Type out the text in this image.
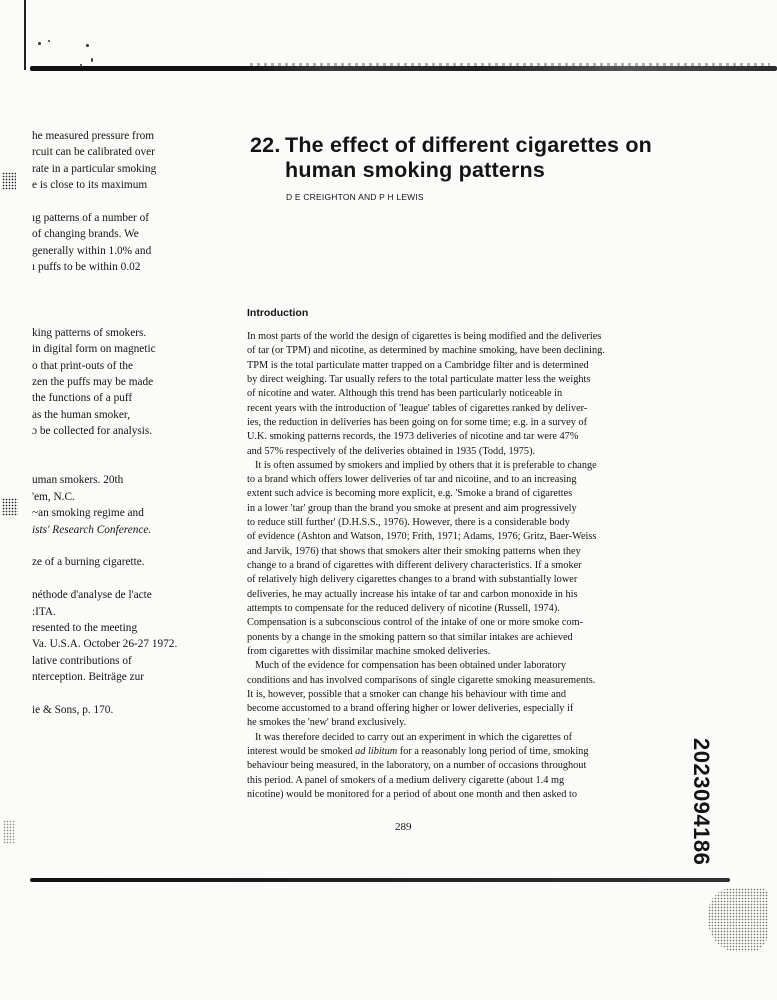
he measured pressure from

rcuit can be calibrated over

rate in a particular smoking

e is close to its maximum

ıg patterns of a number of

of changing brands. We

generally within 1.0% and

ı puffs to be within 0.02

king patterns of smokers.

in digital form on magnetic

o that print-outs of the

zen the puffs may be made

the functions of a puff

as the human smoker,

ɔ be collected for analysis.

uman smokers. 20th

'em, N.C.

~an smoking regime and

ists' Research Conference.

ze of a burning cigarette.

néthode d'analyse de l'acte

:ITA.

resented to the meeting

Va. U.S.A. October 26-27 1972.

lative contributions of

nterception. Beiträge zur

ie & Sons, p. 170.

22. The effect of different cigarettes on
human smoking patterns
D E CREIGHTON AND P H LEWIS
Introduction

In most parts of the world the design of cigarettes is being modified and the deliveries

of tar (or TPM) and nicotine, as determined by machine smoking, have been declining.

TPM is the total particulate matter trapped on a Cambridge filter and is determined

by direct weighing. Tar usually refers to the total particulate matter less the weights

of nicotine and water. Although this trend has been particularly noticeable in

recent years with the introduction of 'league' tables of cigarettes ranked by deliver-

ies, the reduction in deliveries has been going on for some time; e.g. in a survey of

U.K. smoking patterns records, the 1973 deliveries of nicotine and tar were 47%

and 57% respectively of the deliveries obtained in 1935 (Todd, 1975).

It is often assumed by smokers and implied by others that it is preferable to change

to a brand which offers lower deliveries of tar and nicotine, and to an increasing

extent such advice is becoming more explicit, e.g. 'Smoke a brand of cigarettes

in a lower 'tar' group than the brand you smoke at present and aim progressively

to reduce still further' (D.H.S.S., 1976). However, there is a considerable body

of evidence (Ashton and Watson, 1970; Frith, 1971; Adams, 1976; Gritz, Baer-Weiss

and Jarvik, 1976) that shows that smokers alter their smoking patterns when they

change to a brand of cigarettes with different delivery characteristics. If a smoker

of relatively high delivery cigarettes changes to a brand with substantially lower

deliveries, he may actually increase his intake of tar and carbon monoxide in his

attempts to compensate for the reduced delivery of nicotine (Russell, 1974).

Compensation is a subconscious control of the intake of one or more smoke com-

ponents by a change in the smoking pattern so that similar intakes are achieved

from cigarettes with dissimilar machine smoked deliveries.

Much of the evidence for compensation has been obtained under laboratory

conditions and has involved comparisons of single cigarette smoking measurements.

It is, however, possible that a smoker can change his behaviour with time and

become accustomed to a brand offering higher or lower deliveries, especially if

he smokes the 'new' brand exclusively.

It was therefore decided to carry out an experiment in which the cigarettes of

interest would be smoked ad libitum for a reasonably long period of time, smoking

behaviour being measured, in the laboratory, on a number of occasions throughout

this period. A panel of smokers of a medium delivery cigarette (about 1.4 mg

nicotine) would be monitored for a period of about one month and then asked to

289	2023094186
